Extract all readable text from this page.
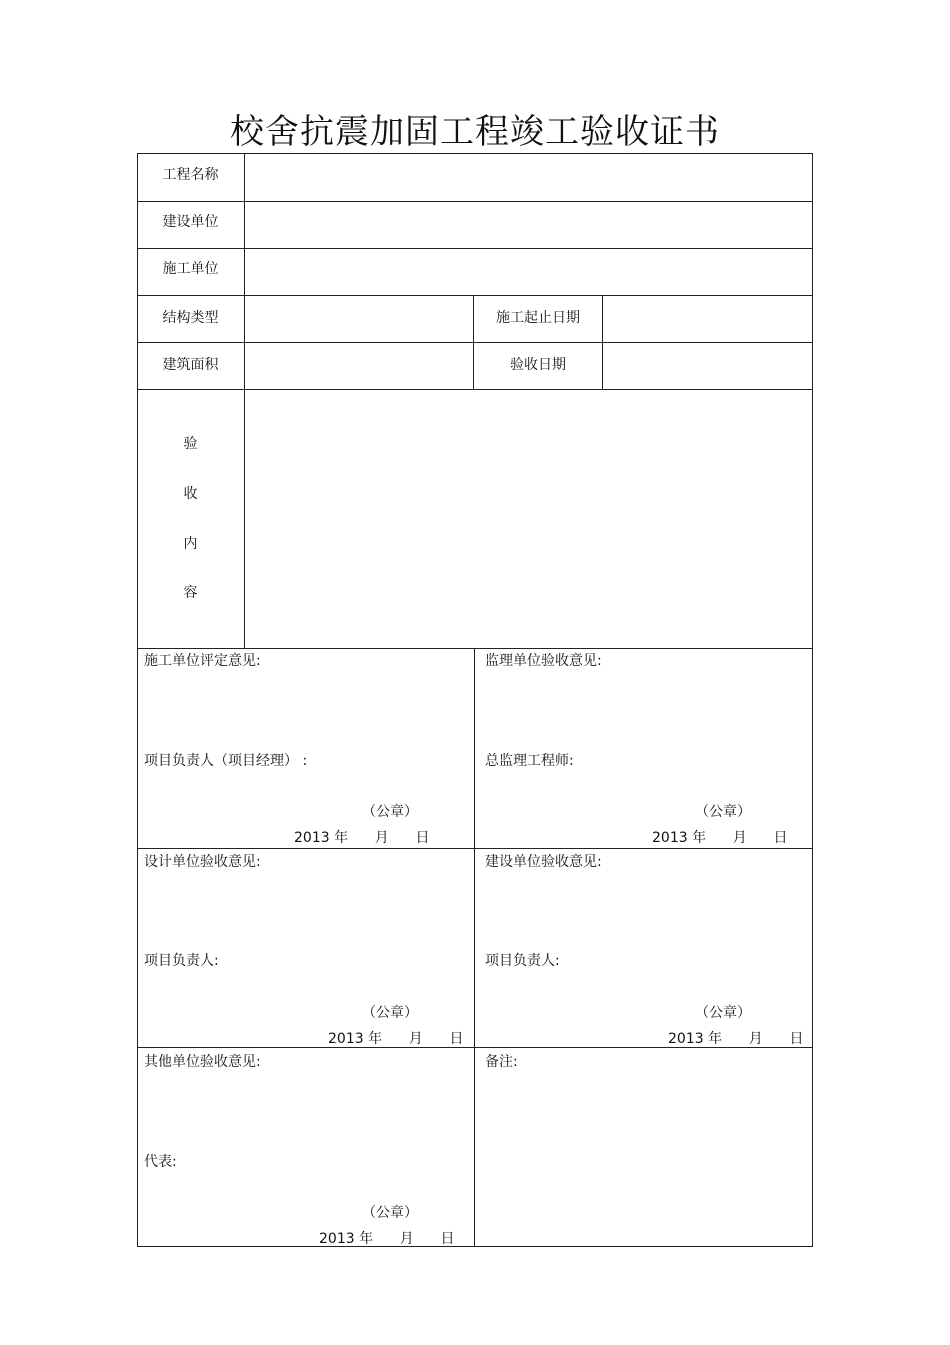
校舍抗震加固工程竣工验收证书
工程名称
建设单位
施工单位
结构类型	施工起止日期
建筑面积	验收日期
验
收
内
容
施工单位评定意见:
项目负责人（项目经理） :
（公章）
2013 年      月      日
监理单位验收意见:
总监理工程师:
（公章）
2013 年      月      日
设计单位验收意见:
项目负责人:
（公章）
2013 年      月      日
建设单位验收意见:
项目负责人:
（公章）
2013 年      月      日
其他单位验收意见:
代表:
（公章）
2013 年      月      日
备注:
